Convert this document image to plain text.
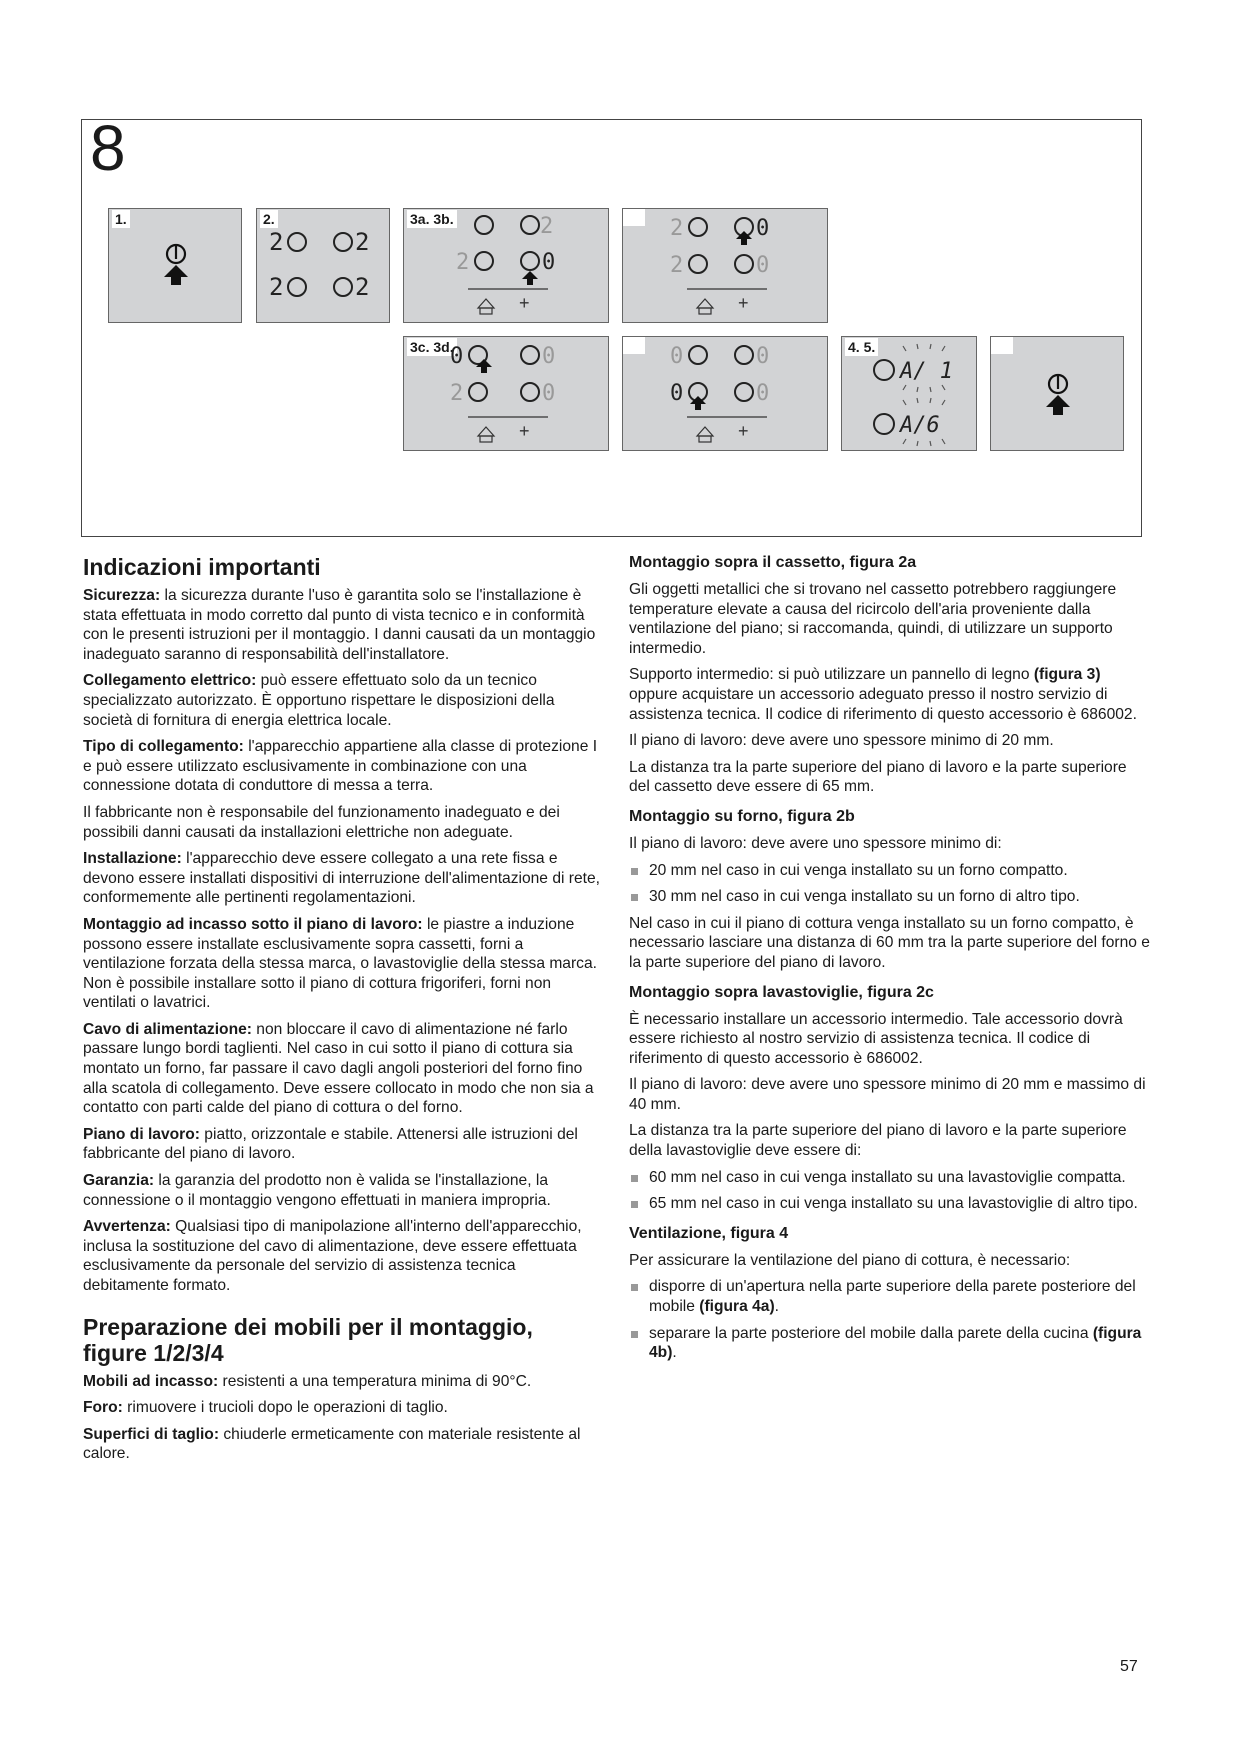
8
1.	2.
2	2
2	2
3a. 3b.	2
2	0
+
2
2	0
0
+
3c. 3d.
0	0
2	0
+
0	0
0
0
+
4. 5.
A/ 1
A/6
Indicazioni importanti

Sicurezza: la sicurezza durante l'uso è garantita solo se l'installazione è stata effettuata in modo corretto dal punto di vista tecnico e in conformità con le presenti istruzioni per il montaggio. I danni causati da un montaggio inadeguato saranno di responsabilità dell'installatore.

Collegamento elettrico: può essere effettuato solo da un tecnico specializzato autorizzato. È opportuno rispettare le disposizioni della società di fornitura di energia elettrica locale.

Tipo di collegamento: l'apparecchio appartiene alla classe di protezione I e può essere utilizzato esclusivamente in combinazione con una connessione dotata di conduttore di messa a terra.

Il fabbricante non è responsabile del funzionamento inadeguato e dei possibili danni causati da installazioni elettriche non adeguate.

Installazione: l'apparecchio deve essere collegato a una rete fissa e devono essere installati dispositivi di interruzione dell'alimentazione di rete, conformemente alle pertinenti regolamentazioni.

Montaggio ad incasso sotto il piano di lavoro: le piastre a induzione possono essere installate esclusivamente sopra cassetti, forni a ventilazione forzata della stessa marca, o lavastoviglie della stessa marca. Non è possibile installare sotto il piano di cottura frigoriferi, forni non ventilati o lavatrici.

Cavo di alimentazione: non bloccare il cavo di alimentazione né farlo passare lungo bordi taglienti. Nel caso in cui sotto il piano di cottura sia montato un forno, far passare il cavo dagli angoli posteriori del forno fino alla scatola di collegamento. Deve essere collocato in modo che non sia a contatto con parti calde del piano di cottura o del forno.

Piano di lavoro: piatto, orizzontale e stabile. Attenersi alle istruzioni del fabbricante del piano di lavoro.

Garanzia: la garanzia del prodotto non è valida se l'installazione, la connessione o il montaggio vengono effettuati in maniera impropria.

Avvertenza: Qualsiasi tipo di manipolazione all'interno dell'apparecchio, inclusa la sostituzione del cavo di alimentazione, deve essere effettuata esclusivamente da personale del servizio di assistenza tecnica debitamente formato.

Preparazione dei mobili per il montaggio, figure 1/2/3/4

Mobili ad incasso: resistenti a una temperatura minima di 90°C.

Foro: rimuovere i trucioli dopo le operazioni di taglio.

Superfici di taglio: chiuderle ermeticamente con materiale resistente al calore.

Montaggio sopra il cassetto, figura 2a

Gli oggetti metallici che si trovano nel cassetto potrebbero raggiungere temperature elevate a causa del ricircolo dell'aria proveniente dalla ventilazione del piano; si raccomanda, quindi, di utilizzare un supporto intermedio.

Supporto intermedio: si può utilizzare un pannello di legno (figura 3) oppure acquistare un accessorio adeguato presso il nostro servizio di assistenza tecnica. Il codice di riferimento di questo accessorio è 686002.

Il piano di lavoro: deve avere uno spessore minimo di 20 mm.

La distanza tra la parte superiore del piano di lavoro e la parte superiore del cassetto deve essere di 65 mm.

Montaggio su forno, figura 2b

Il piano di lavoro: deve avere uno spessore minimo di:

20 mm nel caso in cui venga installato su un forno compatto.
30 mm nel caso in cui venga installato su un forno di altro tipo.

Nel caso in cui il piano di cottura venga installato su un forno compatto, è necessario lasciare una distanza di 60 mm tra la parte superiore del forno e la parte superiore del piano di lavoro.

Montaggio sopra lavastoviglie, figura 2c

È necessario installare un accessorio intermedio. Tale accessorio dovrà essere richiesto al nostro servizio di assistenza tecnica. Il codice di riferimento di questo accessorio è 686002.

Il piano di lavoro: deve avere uno spessore minimo di 20 mm e massimo di 40 mm.

La distanza tra la parte superiore del piano di lavoro e la parte superiore della lavastoviglie deve essere di:

60 mm nel caso in cui venga installato su una lavastoviglie compatta.
65 mm nel caso in cui venga installato su una lavastoviglie di altro tipo.
Ventilazione, figura 4

Per assicurare la ventilazione del piano di cottura, è necessario:

disporre di un'apertura nella parte superiore della parete posteriore del mobile (figura 4a).
separare la parte posteriore del mobile dalla parete della cucina (figura 4b).
57
